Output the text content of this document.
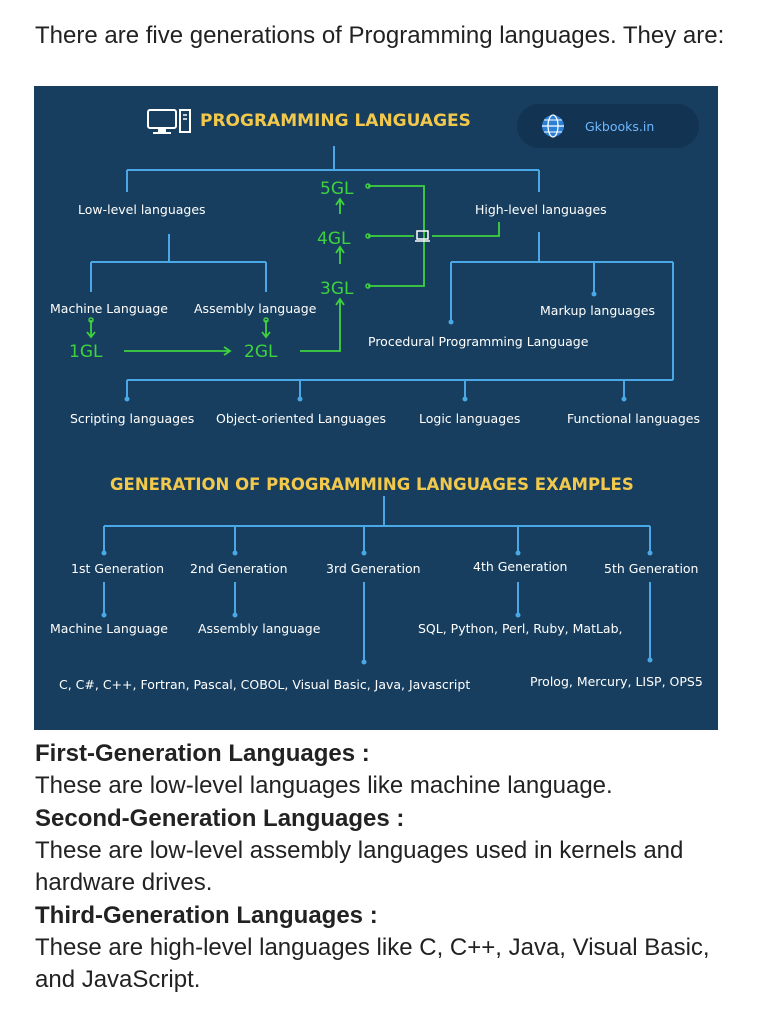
There are five generations of Programming languages. They are:
PROGRAMMING LANGUAGES	Gkbooks.in
Low-level languages	High-level languages
Machine Language Assembly language	Markup languages
Procedural Programming Language
1GL	2GL
3GL
4GL
5GL
Scripting languages Object-oriented Languages	Logic languages	Functional languages
GENERATION OF PROGRAMMING LANGUAGES EXAMPLES
1st Generation 2nd Generation	3rd Generation	4th Generation	5th Generation
Machine Language Assembly language	SQL, Python, Perl, Ruby, MatLab,
C, C#, C++, Fortran, Pascal, COBOL, Visual Basic, Java, Javascript	Prolog, Mercury, LISP, OPS5
First-Generation Languages :
These are low-level languages like machine language.
Second-Generation Languages :
These are low-level assembly languages used in kernels and hardware drives.
Third-Generation Languages :
These are high-level languages like C, C++, Java, Visual Basic, and JavaScript.
